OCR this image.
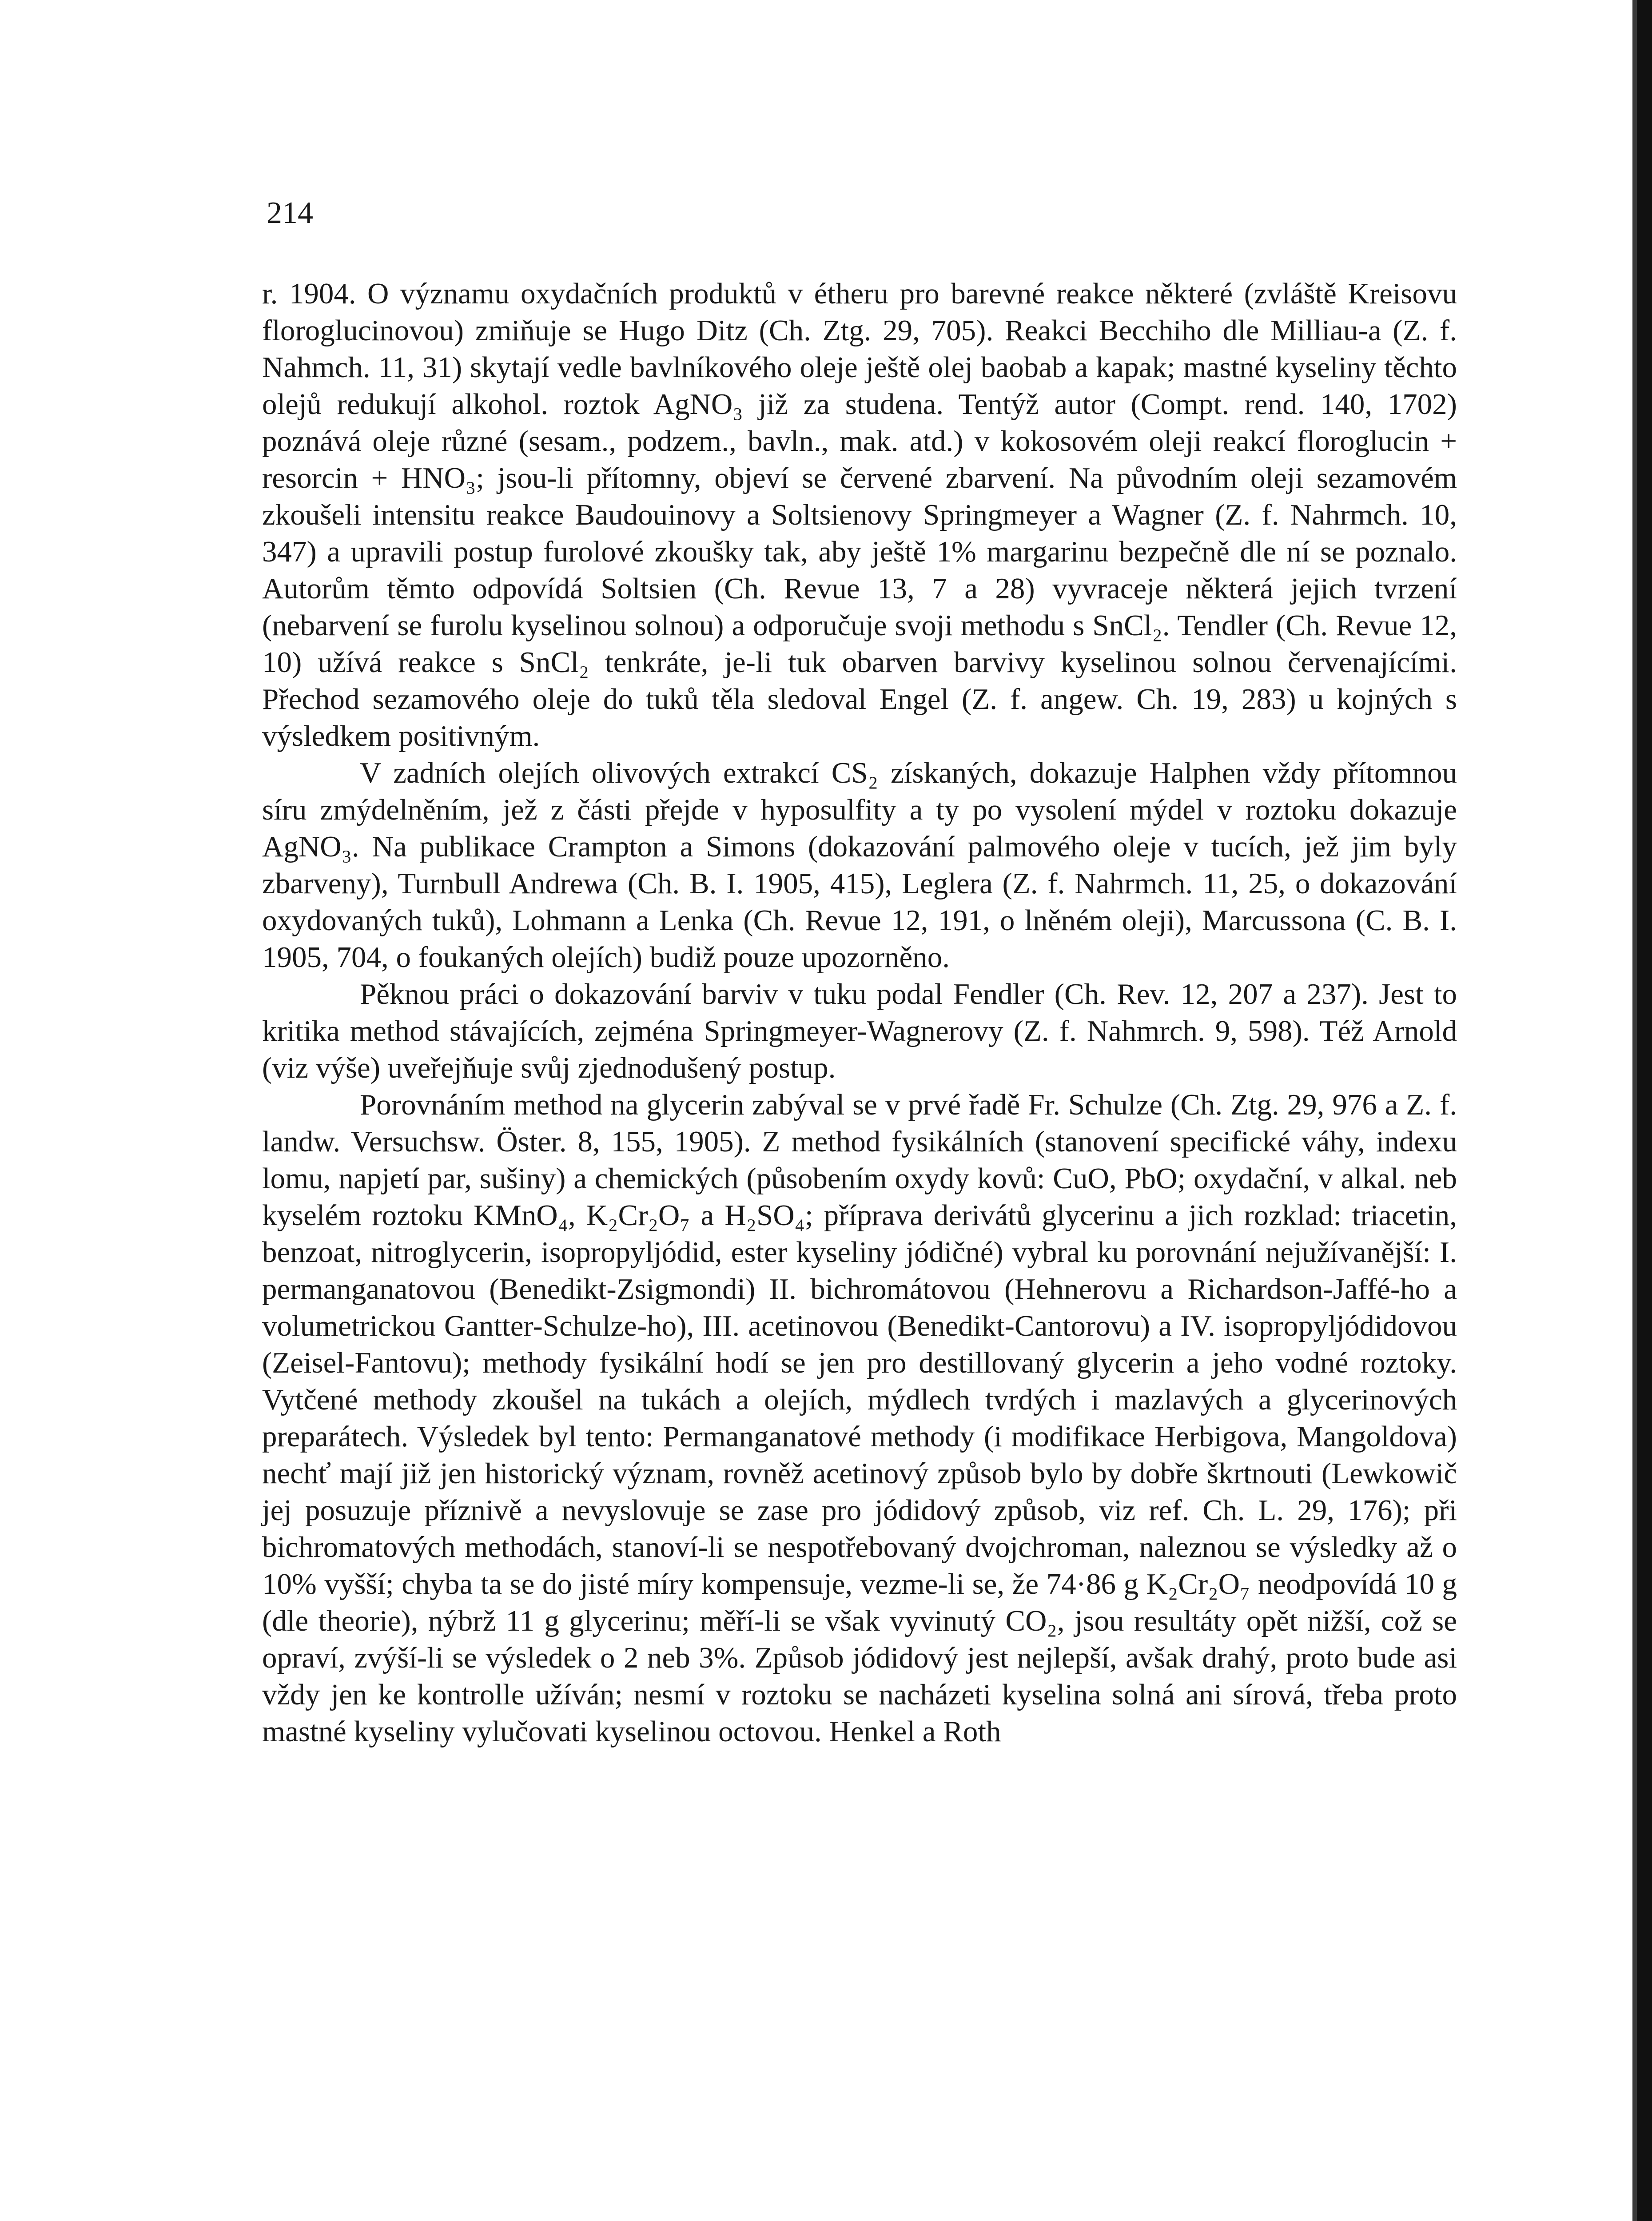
214

r. 1904. O významu oxydačních produktů v étheru pro barevné reakce některé (zvláště Kreisovu floroglucinovou) zmiňuje se Hugo Ditz (Ch. Ztg. 29, 705). Reakci Becchiho dle Milliau-a (Z. f. Nahmch. 11, 31) skytají vedle bavlníkového oleje ještě olej baobab a kapak; mastné kyseliny těchto olejů redukují alkohol. roztok AgNO₃ již za studena. Tentýž autor (Compt. rend. 140, 1702) poznává oleje různé (sesam., podzem., bavln., mak. atd.) v kokosovém oleji reakcí floroglucin + resorcin + HNO₃; jsou-li přítomny, objeví se červené zbarvení. Na původním oleji sezamovém zkoušeli intensitu reakce Baudouinovy a Soltsienovy Springmeyer a Wagner (Z. f. Nahrmch. 10, 347) a upravili postup furolové zkoušky tak, aby ještě 1% margarinu bezpečně dle ní se poznalo. Autorům těmto odpovídá Soltsien (Ch. Revue 13, 7 a 28) vyvraceje některá jejich tvrzení (nebarvení se furolu kyselinou solnou) a odporučuje svoji methodu s SnCl₂. Tendler (Ch. Revue 12, 10) užívá reakce s SnCl₂ tenkráte, je-li tuk obarven barvivy kyselinou solnou červenajícími. Přechod sezamového oleje do tuků těla sledoval Engel (Z. f. angew. Ch. 19, 283) u kojných s výsledkem positivným.

V zadních olejích olivových extrakcí CS₂ získaných, dokazuje Halphen vždy přítomnou síru zmýdelněním, jež z části přejde v hyposulfity a ty po vysolení mýdel v roztoku dokazuje AgNO₃. Na publikace Crampton a Simons (dokazování palmového oleje v tucích, jež jim byly zbarveny), Turnbull Andrewa (Ch. B. I. 1905, 415), Leglera (Z. f. Nahrmch. 11, 25, o dokazování oxydovaných tuků), Lohmann a Lenka (Ch. Revue 12, 191, o lněném oleji), Marcussona (C. B. I. 1905, 704, o foukaných olejích) budiž pouze upozorněno.

Pěknou práci o dokazování barviv v tuku podal Fendler (Ch. Rev. 12, 207 a 237). Jest to kritika method stávajících, zejména Springmeyer-Wagnerovy (Z. f. Nahmrch. 9, 598). Též Arnold (viz výše) uveřejňuje svůj zjednodušený postup.

Porovnáním method na glycerin zabýval se v prvé řadě Fr. Schulze (Ch. Ztg. 29, 976 a Z. f. landw. Versuchsw. Öster. 8, 155, 1905). Z method fysikálních (stanovení specifické váhy, indexu lomu, napjetí par, sušiny) a chemických (působením oxydy kovů: CuO, PbO; oxydační, v alkal. neb kyselém roztoku KMnO₄, K₂Cr₂O₇ a H₂SO₄; příprava derivátů glycerinu a jich rozklad: triacetin, benzoat, nitroglycerin, isopropyljódid, ester kyseliny jódičné) vybral ku porovnání nejužívanější: I. permanganatovou (Benedikt-Zsigmondi) II. bichromátovou (Hehnerovu a Richardson-Jaffé-ho a volumetrickou Gantter-Schulze-ho), III. acetinovou (Benedikt-Cantorovu) a IV. isopropyljódidovou (Zeisel-Fantovu); methody fysikální hodí se jen pro destillovaný glycerin a jeho vodné roztoky. Vytčené methody zkoušel na tukách a olejích, mýdlech tvrdých i mazlavých a glycerinových preparátech. Výsledek byl tento: Permanganatové methody (i modifikace Herbigova, Mangoldova) nechť mají již jen historický význam, rovněž acetinový způsob bylo by dobře škrtnouti (Lewkowič jej posuzuje příznivě a nevyslovuje se zase pro jódidový způsob, viz ref. Ch. L. 29, 176); při bichromatových methodách, stanoví-li se nespotřebovaný dvojchroman, naleznou se výsledky až o 10% vyšší; chyba ta se do jisté míry kompensuje, vezme-li se, že 74·86 g K₂Cr₂O₇ neodpovídá 10 g (dle theorie), nýbrž 11 g glycerinu; měří-li se však vyvinutý CO₂, jsou resultáty opět nižší, což se opraví, zvýší-li se výsledek o 2 neb 3%. Způsob jódidový jest nejlepší, avšak drahý, proto bude asi vždy jen ke kontrolle užíván; nesmí v roztoku se nacházeti kyselina solná ani sírová, třeba proto mastné kyseliny vylučovati kyselinou octovou. Henkel a Roth
